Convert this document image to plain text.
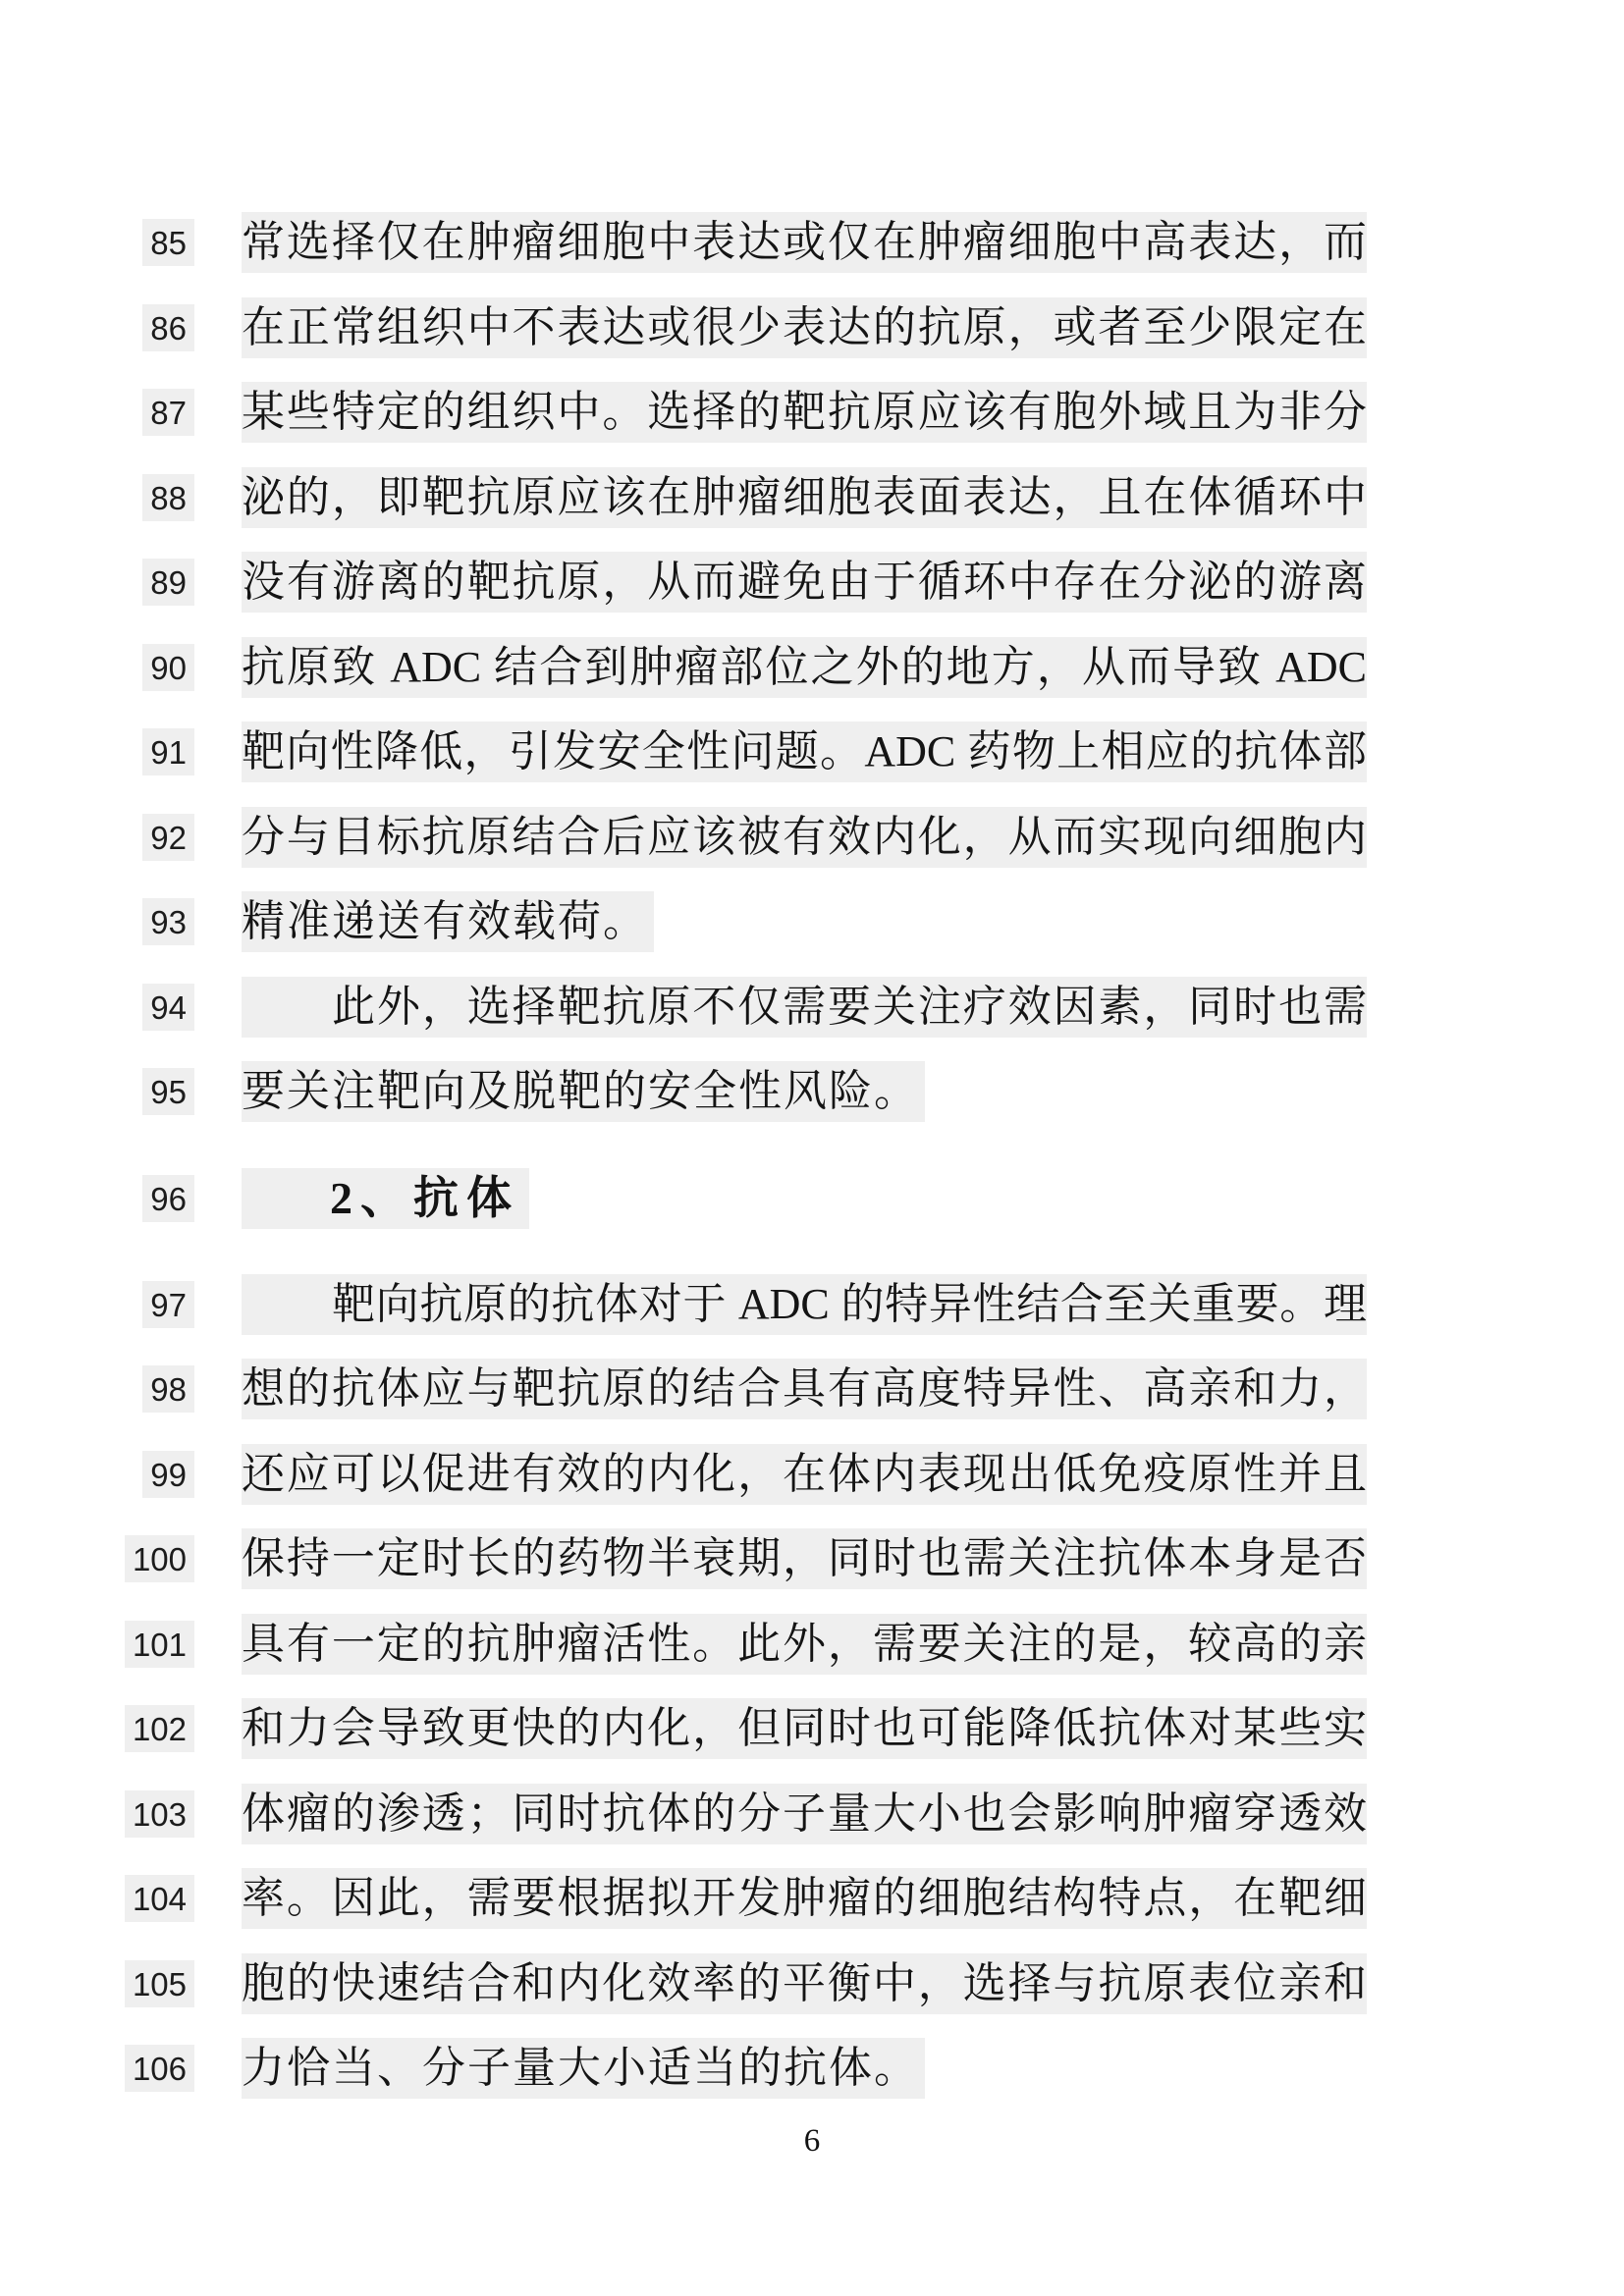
85 常选择仅在肿瘤细胞中表达或仅在肿瘤细胞中高表达，而
86 在正常组织中不表达或很少表达的抗原，或者至少限定在
87 某些特定的组织中。选择的靶抗原应该有胞外域且为非分
88 泌的，即靶抗原应该在肿瘤细胞表面表达，且在体循环中
89 没有游离的靶抗原，从而避免由于循环中存在分泌的游离
90 抗原致 ADC 结合到肿瘤部位之外的地方，从而导致 ADC
91 靶向性降低，引发安全性问题。ADC 药物上相应的抗体部
92 分与目标抗原结合后应该被有效内化，从而实现向细胞内
93 精准递送有效载荷。
94	此外，选择靶抗原不仅需要关注疗效因素，同时也需
95 要关注靶向及脱靶的安全性风险。
96	2、抗体
97	靶向抗原的抗体对于 ADC 的特异性结合至关重要。理
98 想的抗体应与靶抗原的结合具有高度特异性、高亲和力，
99 还应可以促进有效的内化，在体内表现出低免疫原性并且
100 保持一定时长的药物半衰期，同时也需关注抗体本身是否
101 具有一定的抗肿瘤活性。此外，需要关注的是，较高的亲
102 和力会导致更快的内化，但同时也可能降低抗体对某些实
103 体瘤的渗透；同时抗体的分子量大小也会影响肿瘤穿透效
104 率。因此，需要根据拟开发肿瘤的细胞结构特点，在靶细
105 胞的快速结合和内化效率的平衡中，选择与抗原表位亲和
106 力恰当、分子量大小适当的抗体。
6
